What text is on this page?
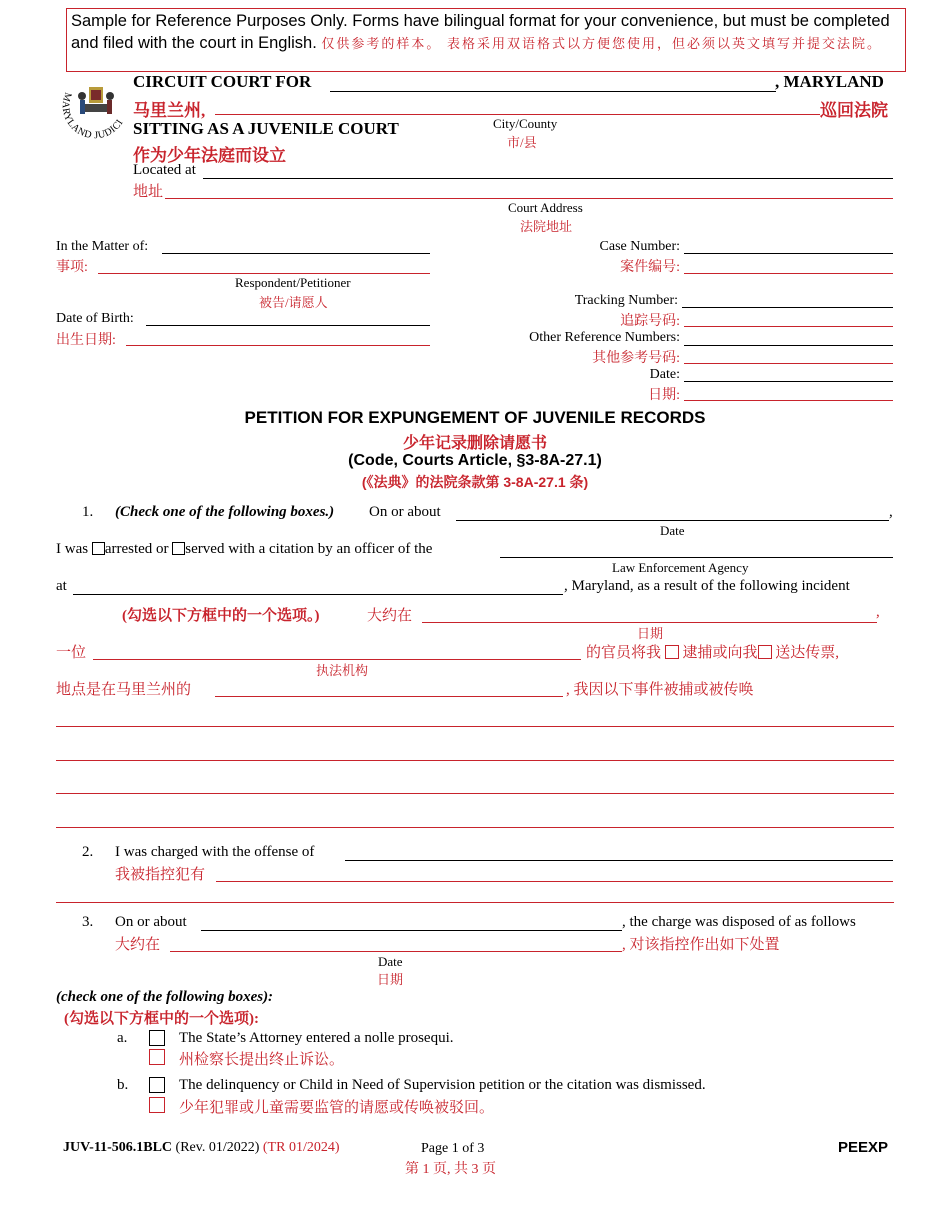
Sample for Reference Purposes Only. Forms have bilingual format for your convenience, but must be completed and filed with the court in English. 仅供参考的样本。 表格采用双语格式以方便您使用，但必须以英文填写并提交法院。
MARYLAND JUDICI
CIRCUIT COURT FOR	, MARYLAND
马里兰州,	巡回法院
SITTING AS A JUVENILE COURT
作为少年法庭而设立
City/County
市/县
Located at
地址
Court Address
法院地址
In the Matter of:
事项:
Respondent/Petitioner
被告/请愿人
Date of Birth:
出生日期:
Case Number:
案件编号:
Tracking Number:
追踪号码:
Other Reference Numbers:
其他参考号码:
Date:
日期:
PETITION FOR EXPUNGEMENT OF JUVENILE RECORDS
少年记录删除请愿书
(Code, Courts Article, §3-8A-27.1)
(《法典》的法院条款第 3-8A-27.1 条)
1. (Check one of the following boxes.) On or about	,
Date
I was arrested or served with a citation by an officer of the
Law Enforcement Agency
at	, Maryland, as a result of the following incident
(勾选以下方框中的一个选项。)	大约在	,
日期
一位	的官员将我 逮捕或向我 送达传票,
执法机构
地点是在马里兰州的	, 我因以下事件被捕或被传唤
2. I was charged with the offense of
我被指控犯有
3. On or about	, the charge was disposed of as follows
大约在	, 对该指控作出如下处置
Date
日期
(check one of the following boxes):
(勾选以下方框中的一个选项):
a.	The State’s Attorney entered a nolle prosequi.
州检察长提出终止诉讼。
b.	The delinquency or Child in Need of Supervision petition or the citation was dismissed.
少年犯罪或儿童需要监管的请愿或传唤被驳回。
JUV-11-506.1BLC (Rev. 01/2022) (TR 01/2024)	Page 1 of 3
第 1 页, 共 3 页
PEEXP
